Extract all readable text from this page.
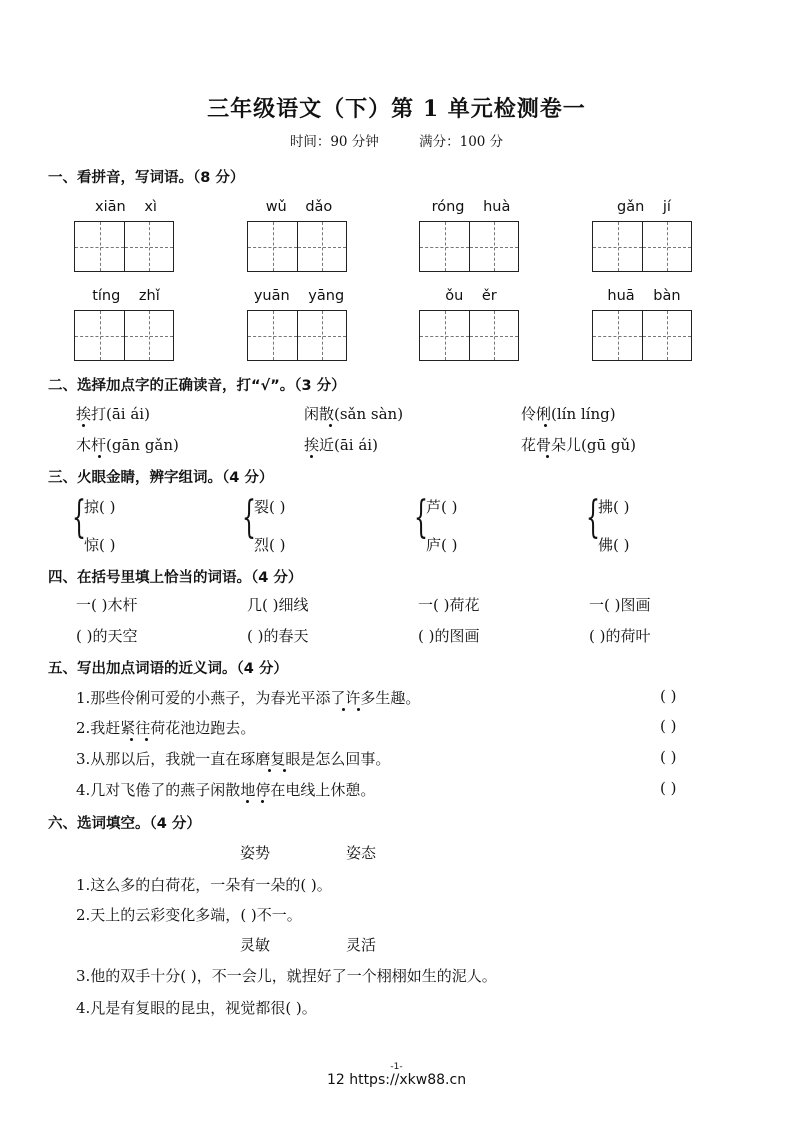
三年级语文（下）第 1 单元检测卷一
时间：90 分钟	满分：100 分
一、看拼音，写词语。（8 分）
xiān xì	wǔ dǎo	róng huà	gǎn jí
tíng zhǐ	yuān yāng	ǒu ěr	huā bàn
二、选择加点字的正确读音，打“√”。（3 分）
挨打(āi ái)	闲散(sǎn sàn)	伶俐(lín líng)
木杆(gān gǎn)	挨近(āi ái)	花骨朵儿(gū gǔ)
三、火眼金睛，辨字组词。（4 分）
{
掠( )
惊( )
{
裂( )
烈( )
{
芦( )
庐( )
{
拂( )
佛( )
四、在括号里填上恰当的词语。（4 分）
一( )木杆	几( )细线	一( )荷花	一( )图画
( )的天空	( )的春天	( )的图画	( )的荷叶
五、写出加点词语的近义词。（4 分）
1.那些伶俐可爱的小燕子，为春光平添了许多生趣。
2.我赶紧往荷花池边跑去。
3.从那以后，我就一直在琢磨复眼是怎么回事。
4.几对飞倦了的燕子闲散地停在电线上休憩。
( )
( )
( )
( )
六、选词填空。（4 分）
姿势	姿态
1.这么多的白荷花，一朵有一朵的( )。
2.天上的云彩变化多端，( )不一。
灵敏	灵活
3.他的双手十分( )，不一会儿，就捏好了一个栩栩如生的泥人。
4.凡是有复眼的昆虫，视觉都很( )。
-1-
12 https://xkw88.cn
